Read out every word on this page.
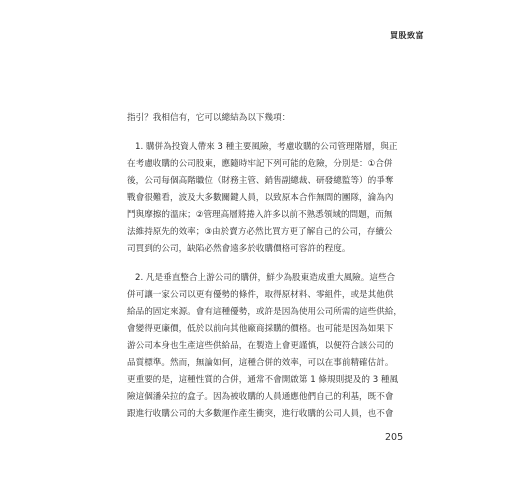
買股致富

指引？我相信有，它可以總結為以下幾項：

1. 購併為投資人帶來 3 種主要風險，考慮收購的公司管理階層，與正
在考慮收購的公司股東，應隨時牢記下列可能的危險，分別是：①合併
後，公司每個高階職位（財務主管、銷售副總裁、研發總監等）的爭奪
戰會很難看，波及大多數關鍵人員，以致原本合作無間的團隊，淪為內
鬥與摩擦的溫床；②管理高層將捲入許多以前不熟悉領域的問題，而無
法維持原先的效率；③由於賣方必然比買方更了解自己的公司，存續公
司買到的公司，缺陷必然會遠多於收購價格可容許的程度。
2. 凡是垂直整合上游公司的購併，鮮少為股東造成重大風險。這些合
併可讓一家公司以更有優勢的條件，取得原材料、零組件，或是其他供
給品的固定來源。會有這種優勢，或許是因為使用公司所需的這些供給，
會變得更廉價，低於以前向其他廠商採購的價格。也可能是因為如果下
游公司本身也生產這些供給品，在製造上會更謹慎，以便符合該公司的
品質標準。然而，無論如何，這種合併的效率，可以在事前精確估計。
更重要的是，這種性質的合併，通常不會開啟第 1 條規則提及的 3 種風
險這個潘朵拉的盒子。因為被收購的人員通應他們自己的利基，既不會
跟進行收購公司的大多數運作產生衝突，進行收購的公司人員，也不會
205
